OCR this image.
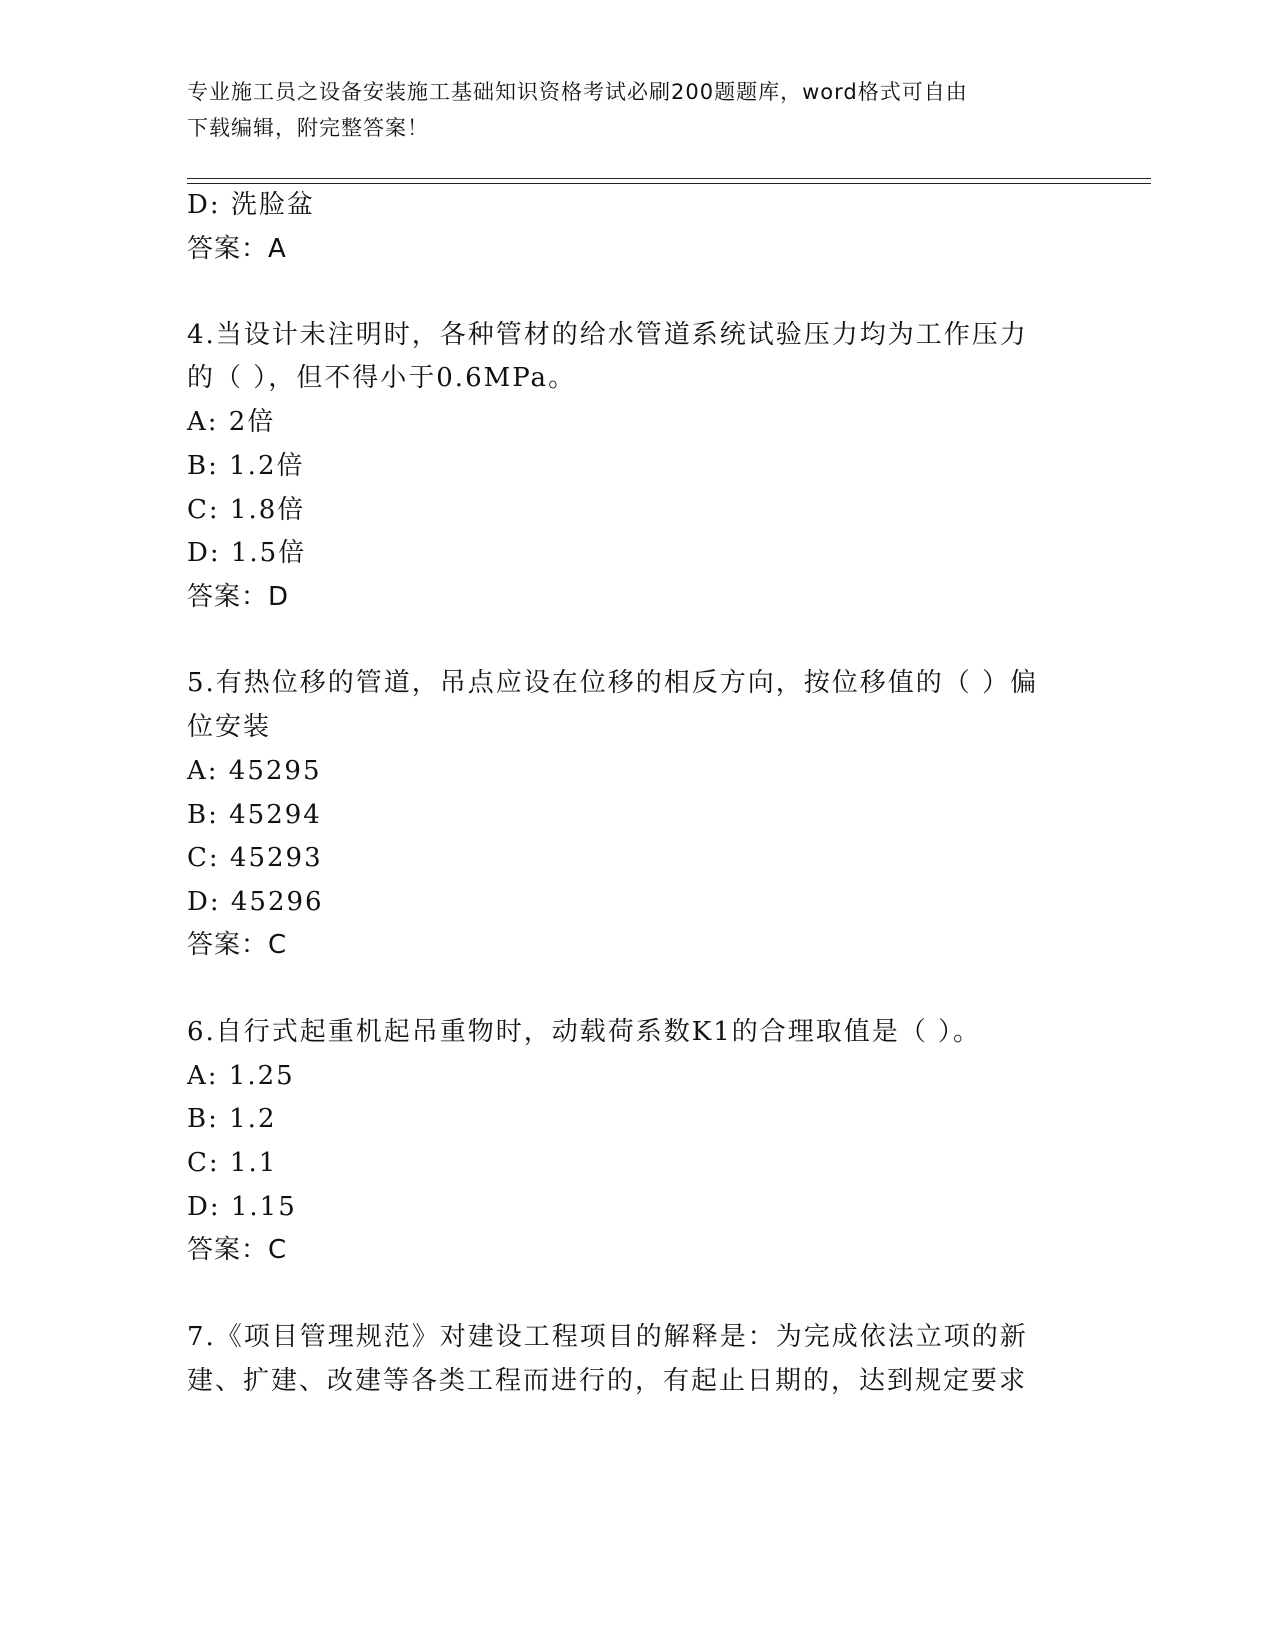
专业施工员之设备安装施工基础知识资格考试必刷200题题库，word格式可自由
下载编辑，附完整答案！
D: 洗脸盆
答案：A
4.当设计未注明时，各种管材的给水管道系统试验压力均为工作压力
的（ ），但不得小于0.6MPa。
A: 2倍
B: 1.2倍
C: 1.8倍
D: 1.5倍
答案：D
5.有热位移的管道，吊点应设在位移的相反方向，按位移值的（ ）偏
位安装
A: 45295
B: 45294
C: 45293
D: 45296
答案：C
6.自行式起重机起吊重物时，动载荷系数K1的合理取值是（ ）。
A: 1.25
B: 1.2
C: 1.1
D: 1.15
答案：C
7.《项目管理规范》对建设工程项目的解释是：为完成依法立项的新
建、扩建、改建等各类工程而进行的，有起止日期的，达到规定要求
